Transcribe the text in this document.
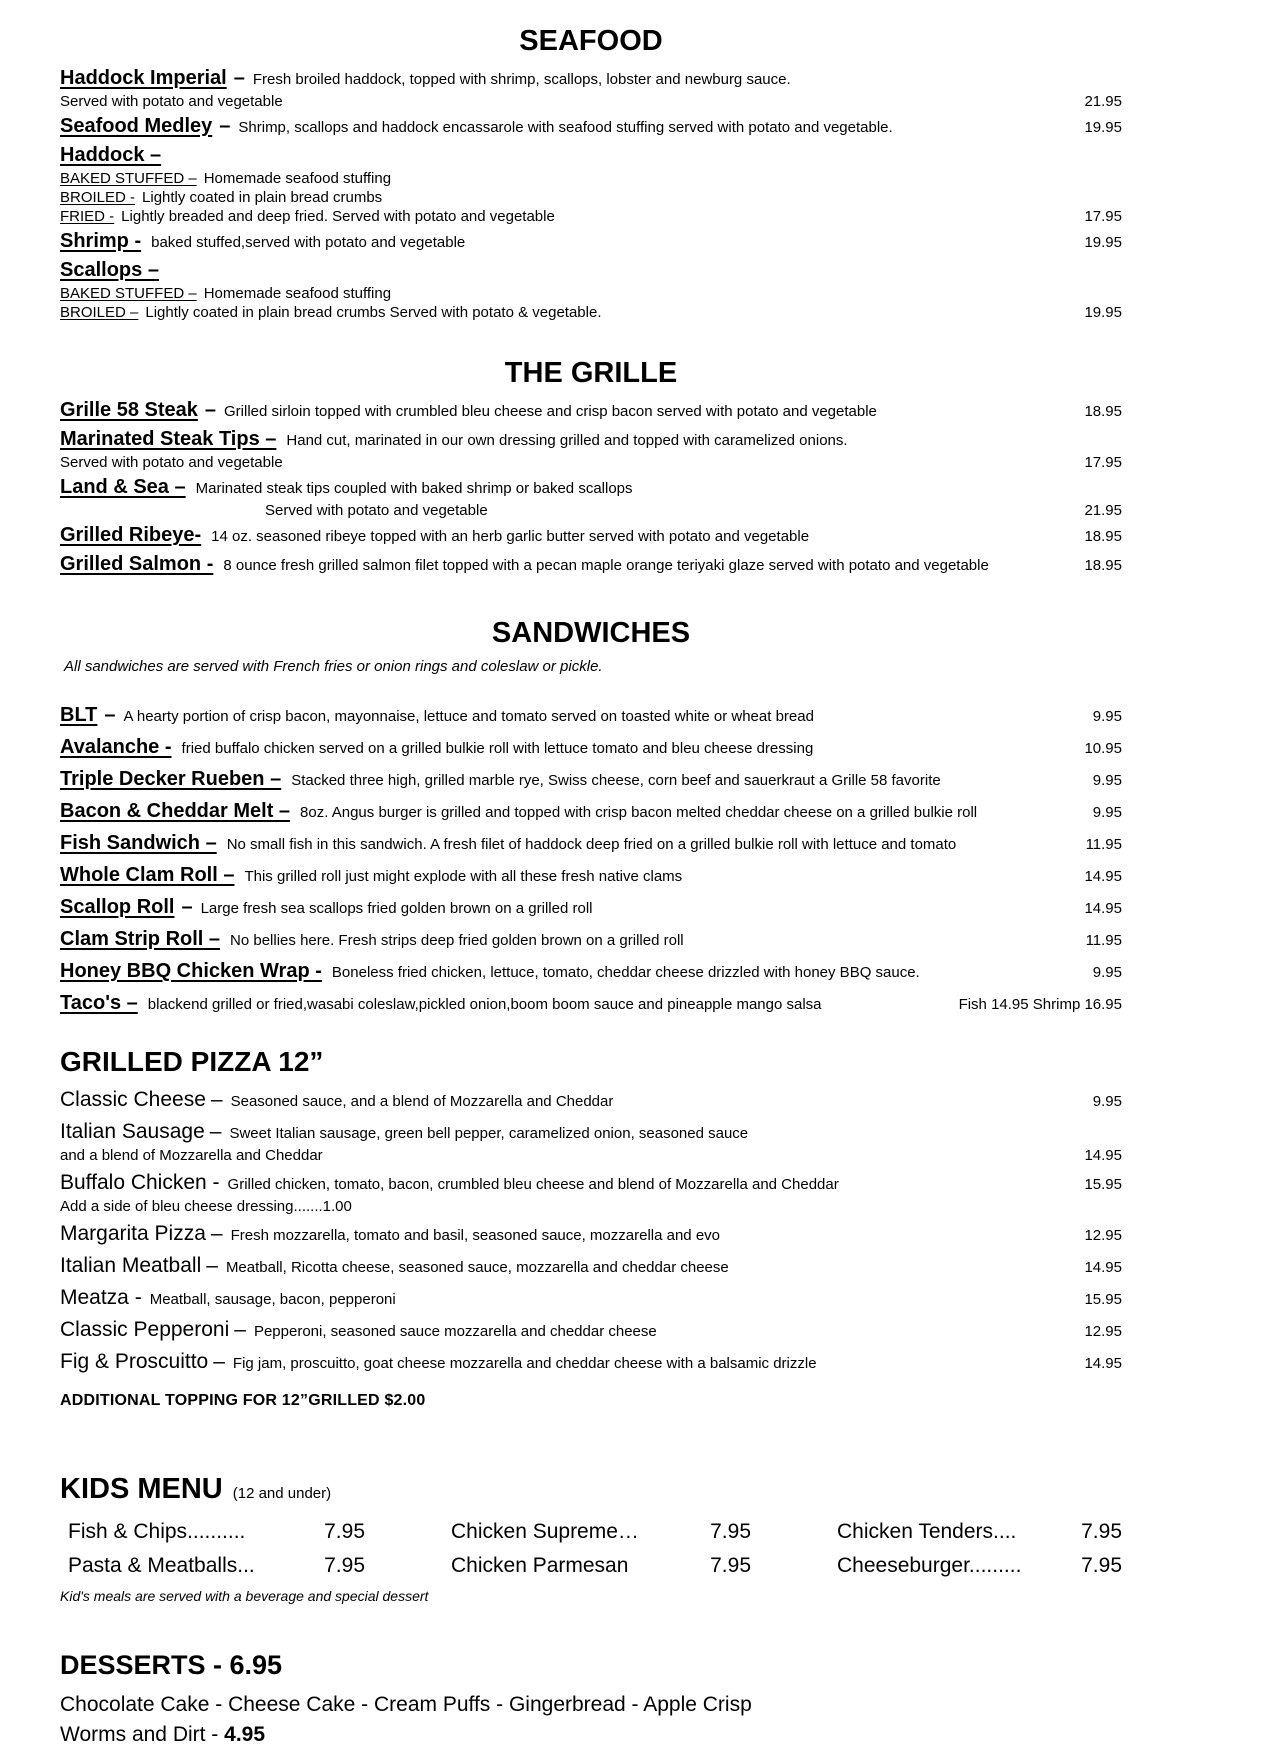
SEAFOOD
Haddock Imperial – Fresh broiled haddock, topped with shrimp, scallops, lobster and newburg sauce.
Served with potato and vegetable	21.95
Seafood Medley – Shrimp, scallops and haddock encassarole with seafood stuffing served with potato and vegetable.	19.95
Haddock –
BAKED STUFFED – Homemade seafood stuffing
BROILED - Lightly coated in plain bread crumbs
FRIED - Lightly breaded and deep fried. Served with potato and vegetable	17.95
Shrimp - baked stuffed,served with potato and vegetable	19.95
Scallops –
BAKED STUFFED – Homemade seafood stuffing
BROILED – Lightly coated in plain bread crumbs Served with potato & vegetable.	19.95
THE GRILLE
Grille 58 Steak – Grilled sirloin topped with crumbled bleu cheese and crisp bacon served with potato and vegetable	18.95
Marinated Steak Tips – Hand cut, marinated in our own dressing grilled and topped with caramelized onions.
Served with potato and vegetable	17.95
Land & Sea – Marinated steak tips coupled with baked shrimp or baked scallops
Served with potato and vegetable	21.95
Grilled Ribeye- 14 oz. seasoned ribeye topped with an herb garlic butter served with potato and vegetable	18.95
Grilled Salmon - 8 ounce fresh grilled salmon filet topped with a pecan maple orange teriyaki glaze served with potato and vegetable	18.95
SANDWICHES
All sandwiches are served with French fries or onion rings and coleslaw or pickle.
BLT – A hearty portion of crisp bacon, mayonnaise, lettuce and tomato served on toasted white or wheat bread	9.95
Avalanche - fried buffalo chicken served on a grilled bulkie roll with lettuce tomato and bleu cheese dressing	10.95
Triple Decker Rueben – Stacked three high, grilled marble rye, Swiss cheese, corn beef and sauerkraut a Grille 58 favorite	9.95
Bacon & Cheddar Melt – 8oz. Angus burger is grilled and topped with crisp bacon melted cheddar cheese on a grilled bulkie roll	9.95
Fish Sandwich – No small fish in this sandwich. A fresh filet of haddock deep fried on a grilled bulkie roll with lettuce and tomato	11.95
Whole Clam Roll – This grilled roll just might explode with all these fresh native clams	14.95
Scallop Roll – Large fresh sea scallops fried golden brown on a grilled roll	14.95
Clam Strip Roll – No bellies here. Fresh strips deep fried golden brown on a grilled roll	11.95
Honey BBQ Chicken Wrap - Boneless fried chicken, lettuce, tomato, cheddar cheese drizzled with honey BBQ sauce.	9.95
Taco's – blackend grilled or fried,wasabi coleslaw,pickled onion,boom boom sauce and pineapple mango salsa	Fish 14.95 Shrimp 16.95
GRILLED PIZZA 12”
Classic Cheese – Seasoned sauce, and a blend of Mozzarella and Cheddar	9.95
Italian Sausage – Sweet Italian sausage, green bell pepper, caramelized onion, seasoned sauce
and a blend of Mozzarella and Cheddar	14.95
Buffalo Chicken - Grilled chicken, tomato, bacon, crumbled bleu cheese and blend of Mozzarella and Cheddar	15.95
Add a side of bleu cheese dressing.......1.00
Margarita Pizza – Fresh mozzarella, tomato and basil, seasoned sauce, mozzarella and evo	12.95
Italian Meatball – Meatball, Ricotta cheese, seasoned sauce, mozzarella and cheddar cheese	14.95
Meatza - Meatball, sausage, bacon, pepperoni	15.95
Classic Pepperoni – Pepperoni, seasoned sauce mozzarella and cheddar cheese	12.95
Fig & Proscuitto – Fig jam, proscuitto, goat cheese mozzarella and cheddar cheese with a balsamic drizzle	14.95
ADDITIONAL TOPPING FOR 12”GRILLED $2.00
KIDS MENU (12 and under)
Fish & Chips..........	7.95	Chicken Supreme…	7.95	Chicken Tenders....	7.95
Pasta & Meatballs...	7.95	Chicken Parmesan	7.95	Cheeseburger.........	7.95
Kid's meals are served with a beverage and special dessert
DESSERTS - 6.95
Chocolate Cake - Cheese Cake - Cream Puffs - Gingerbread - Apple Crisp
Worms and Dirt - 4.95
